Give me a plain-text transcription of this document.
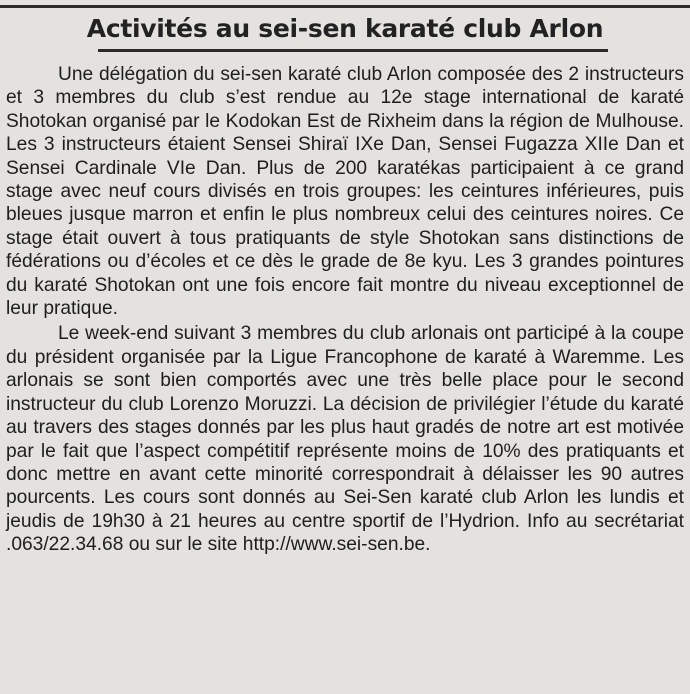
Activités au sei-sen karaté club Arlon

Une délégation du sei-sen karaté club Arlon composée des 2 instructeurs et 3 membres du club s’est rendue au 12e stage international de karaté Shotokan organisé par le Kodokan Est de Rixheim dans la région de Mulhouse. Les 3 instructeurs étaient Sensei Shiraï IXe Dan, Sensei Fugazza XIIe Dan et Sensei Cardinale VIe Dan. Plus de 200 karatékas participaient à ce grand stage avec neuf cours divisés en trois groupes: les ceintures inférieures, puis bleues jusque marron et enfin le plus nombreux celui des ceintures noires. Ce stage était ouvert à tous pratiquants de style Shotokan sans distinctions de fédérations ou d’écoles et ce dès le grade de 8e kyu. Les 3 grandes pointures du karaté Shotokan ont une fois encore fait montre du niveau exceptionnel de leur pratique.

Le week-end suivant 3 membres du club arlonais ont participé à la coupe du président organisée par la Ligue Francophone de karaté à Waremme. Les arlonais se sont bien comportés avec une très belle place pour le second instructeur du club Lorenzo Moruzzi. La décision de privilégier l’étude du karaté au travers des stages donnés par les plus haut gradés de notre art est motivée par le fait que l’aspect compétitif représente moins de 10% des pratiquants et donc mettre en avant cette minorité correspondrait à délaisser les 90 autres pourcents. Les cours sont donnés au Sei-Sen karaté club Arlon les lundis et jeudis de 19h30 à 21 heures au centre sportif de l’Hydrion. Info au secrétariat .063/22.34.68 ou sur le site http://www.sei-sen.be.
